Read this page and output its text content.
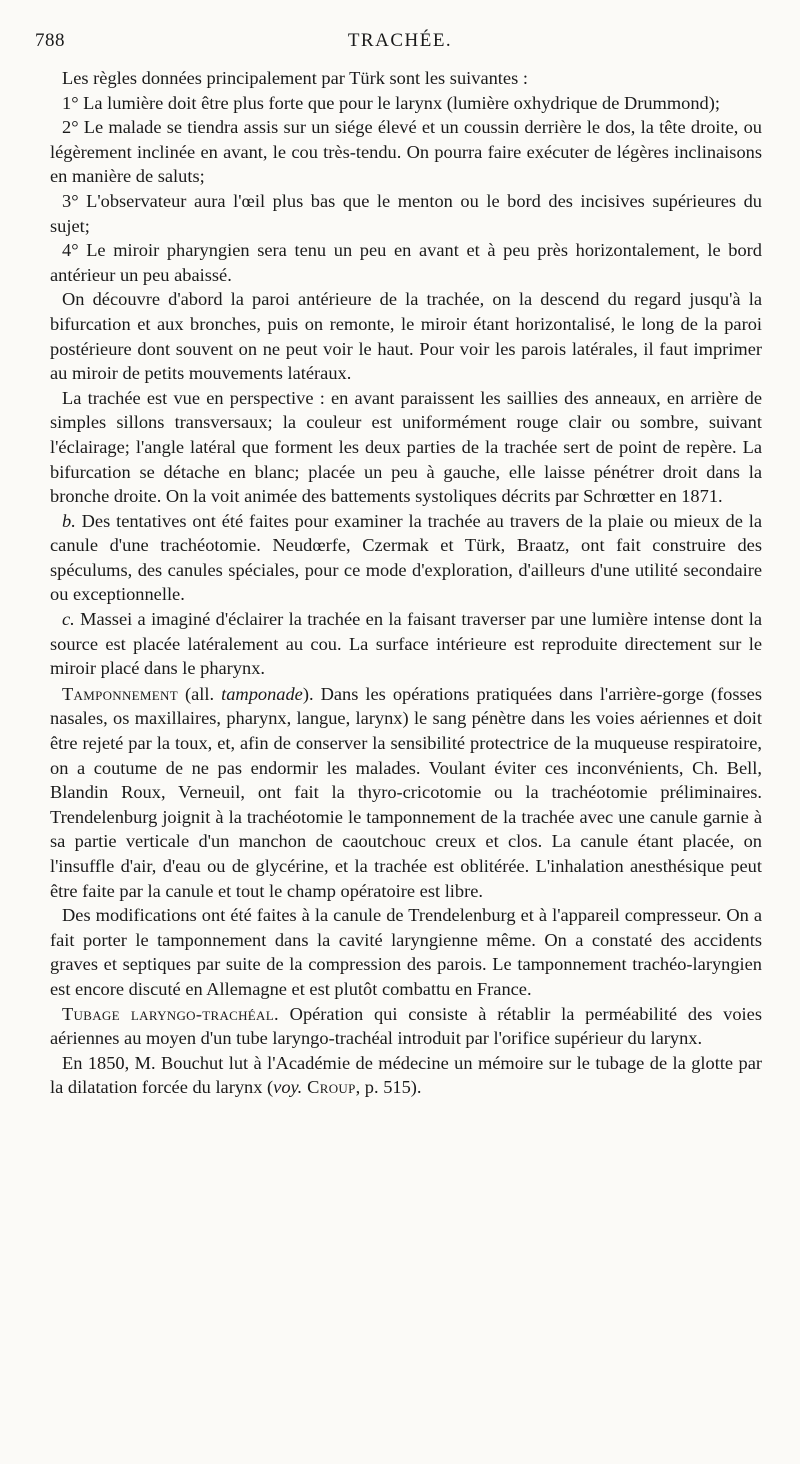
788	TRACHÉE.

Les règles données principalement par Türk sont les suivantes :

1° La lumière doit être plus forte que pour le larynx (lumière oxhydrique de Drummond);

2° Le malade se tiendra assis sur un siége élevé et un coussin derrière le dos, la tête droite, ou légèrement inclinée en avant, le cou très-tendu. On pourra faire exécuter de légères inclinaisons en manière de saluts;

3° L'observateur aura l'œil plus bas que le menton ou le bord des incisives supérieures du sujet;

4° Le miroir pharyngien sera tenu un peu en avant et à peu près horizontalement, le bord antérieur un peu abaissé.

On découvre d'abord la paroi antérieure de la trachée, on la descend du regard jusqu'à la bifurcation et aux bronches, puis on remonte, le miroir étant horizontalisé, le long de la paroi postérieure dont souvent on ne peut voir le haut. Pour voir les parois latérales, il faut imprimer au miroir de petits mouvements latéraux.

La trachée est vue en perspective : en avant paraissent les saillies des anneaux, en arrière de simples sillons transversaux; la couleur est uniformément rouge clair ou sombre, suivant l'éclairage; l'angle latéral que forment les deux parties de la trachée sert de point de repère. La bifurcation se détache en blanc; placée un peu à gauche, elle laisse pénétrer droit dans la bronche droite. On la voit animée des battements systoliques décrits par Schrœtter en 1871.

b. Des tentatives ont été faites pour examiner la trachée au travers de la plaie ou mieux de la canule d'une trachéotomie. Neudœrfe, Czermak et Türk, Braatz, ont fait construire des spéculums, des canules spéciales, pour ce mode d'exploration, d'ailleurs d'une utilité secondaire ou exceptionnelle.

c. Massei a imaginé d'éclairer la trachée en la faisant traverser par une lumière intense dont la source est placée latéralement au cou. La surface intérieure est reproduite directement sur le miroir placé dans le pharynx.

Tamponnement (all. tamponade). Dans les opérations pratiquées dans l'arrière-gorge (fosses nasales, os maxillaires, pharynx, langue, larynx) le sang pénètre dans les voies aériennes et doit être rejeté par la toux, et, afin de conserver la sensibilité protectrice de la muqueuse respiratoire, on a coutume de ne pas endormir les malades. Voulant éviter ces inconvénients, Ch. Bell, Blandin Roux, Verneuil, ont fait la thyro-cricotomie ou la trachéotomie préliminaires. Trendelenburg joignit à la trachéotomie le tamponnement de la trachée avec une canule garnie à sa partie verticale d'un manchon de caoutchouc creux et clos. La canule étant placée, on l'insuffle d'air, d'eau ou de glycérine, et la trachée est oblitérée. L'inhalation anesthésique peut être faite par la canule et tout le champ opératoire est libre.

Des modifications ont été faites à la canule de Trendelenburg et à l'appareil compresseur. On a fait porter le tamponnement dans la cavité laryngienne même. On a constaté des accidents graves et septiques par suite de la compression des parois. Le tamponnement trachéo-laryngien est encore discuté en Allemagne et est plutôt combattu en France.

Tubage laryngo-trachéal. Opération qui consiste à rétablir la perméabilité des voies aériennes au moyen d'un tube laryngo-trachéal introduit par l'orifice supérieur du larynx.

En 1850, M. Bouchut lut à l'Académie de médecine un mémoire sur le tubage de la glotte par la dilatation forcée du larynx (voy. Croup, p. 515).
